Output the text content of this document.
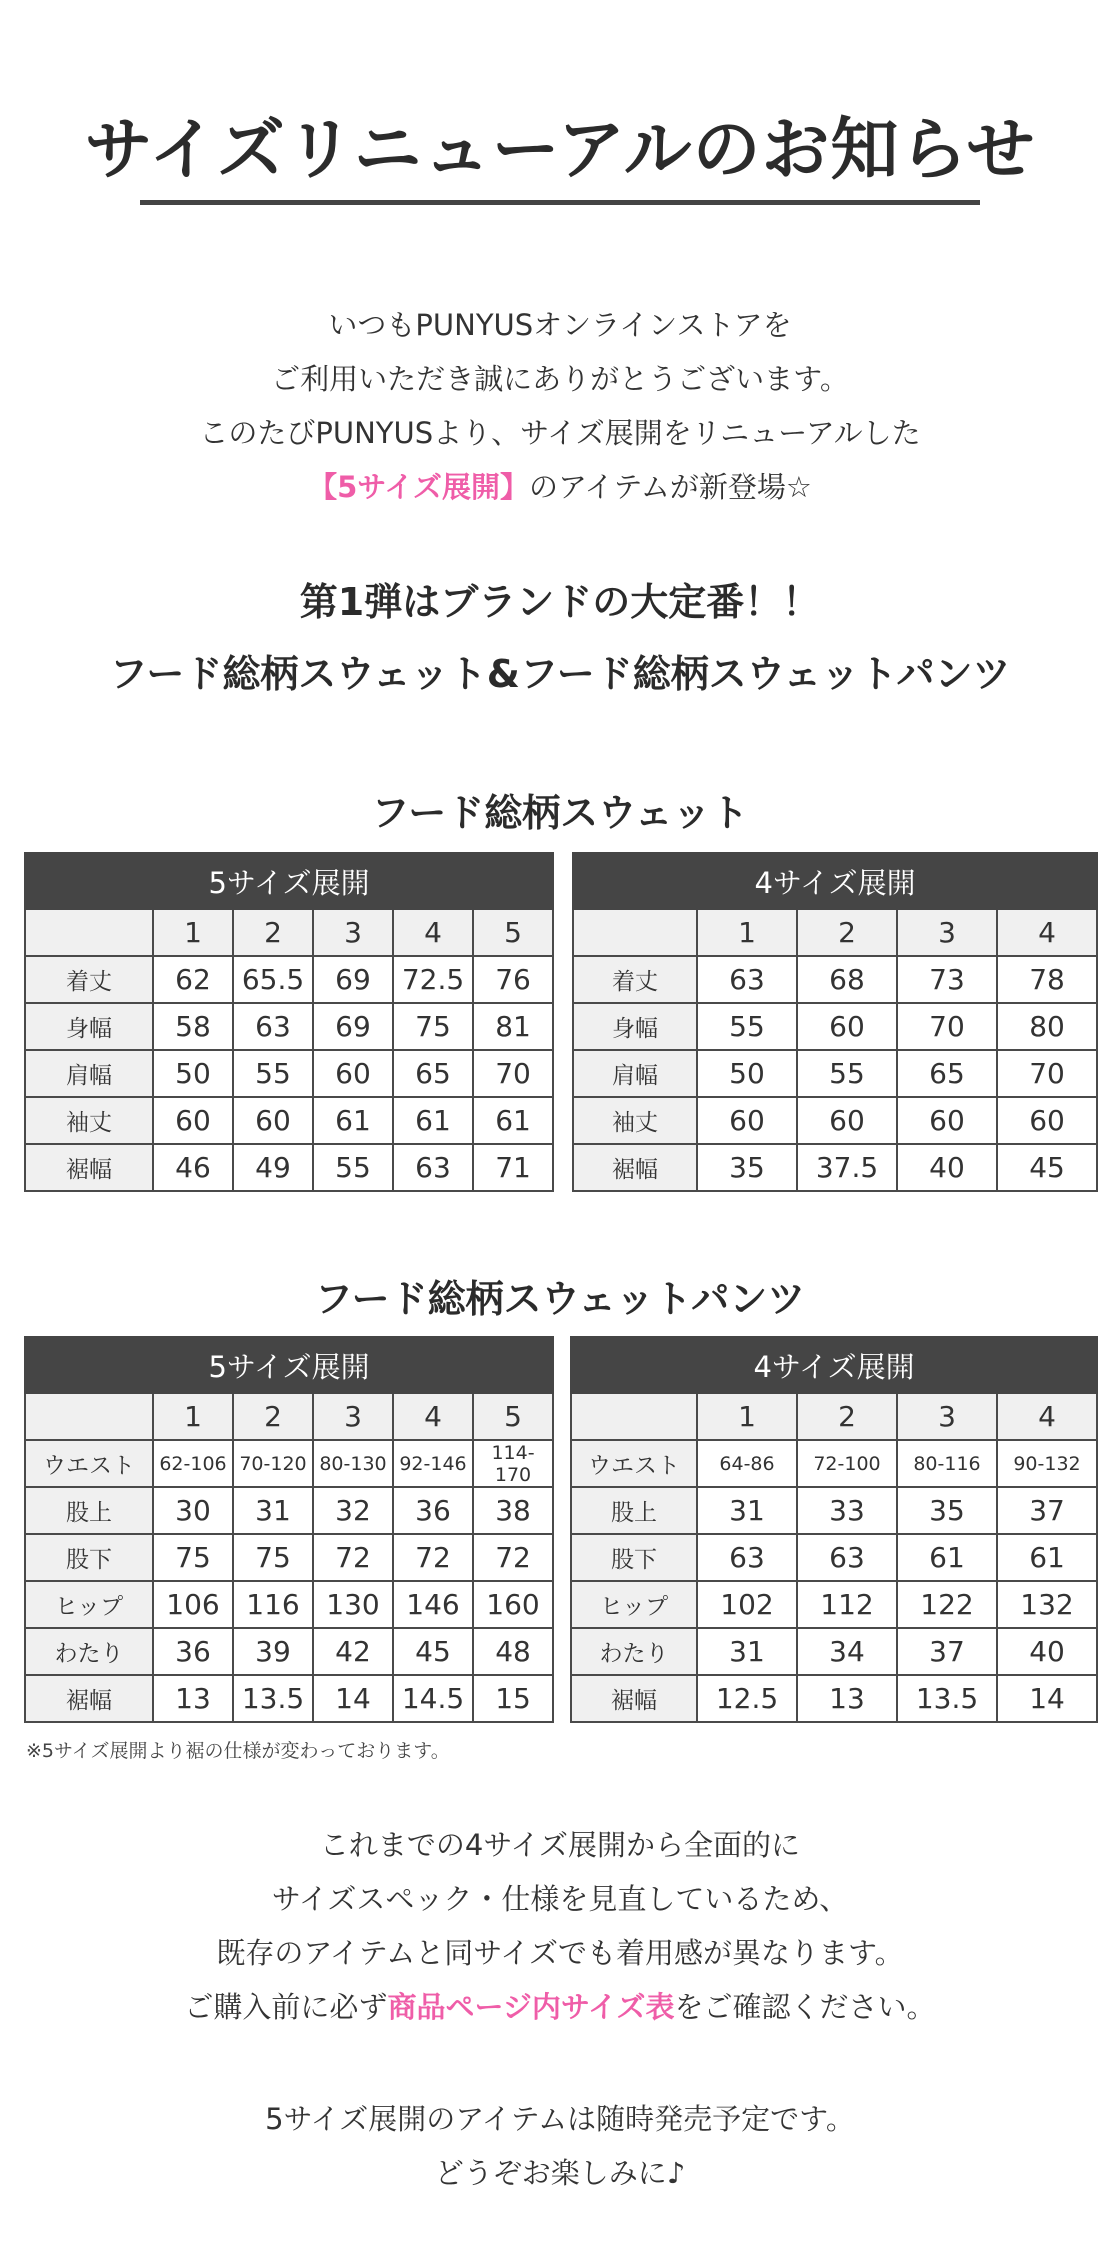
サイズリニューアルのお知らせ

いつもPUNYUSオンラインストアを

ご利用いただき誠にありがとうございます。

このたびPUNYUSより、サイズ展開をリニューアルした

【5サイズ展開】のアイテムが新登場☆

第1弾はブランドの大定番！！

フード総柄スウェット&フード総柄スウェットパンツ

フード総柄スウェット
5サイズ展開					
	1	2	3	4	5
着丈	62	65.5	69	72.5	76
身幅	58	63	69	75	81
肩幅	50	55	60	65	70
袖丈	60	60	61	61	61
裾幅	46	49	55	63	71
4サイズ展開				
	1	2	3	4
着丈	63	68	73	78
身幅	55	60	70	80
肩幅	50	55	65	70
袖丈	60	60	60	60
裾幅	35	37.5	40	45
フード総柄スウェットパンツ
5サイズ展開					
	1	2	3	4	5
ウエスト	62-106	70-120	80-130	92-146	114-170
股上	30	31	32	36	38
股下	75	75	72	72	72
ヒップ	106	116	130	146	160
わたり	36	39	42	45	48
裾幅	13	13.5	14	14.5	15
4サイズ展開				
	1	2	3	4
ウエスト	64-86	72-100	80-116	90-132
股上	31	33	35	37
股下	63	63	61	61
ヒップ	102	112	122	132
わたり	31	34	37	40
裾幅	12.5	13	13.5	14
※5サイズ展開より裾の仕様が変わっております。

これまでの4サイズ展開から全面的に

サイズスペック・仕様を見直しているため、

既存のアイテムと同サイズでも着用感が異なります。

ご購入前に必ず商品ページ内サイズ表をご確認ください。

5サイズ展開のアイテムは随時発売予定です。

どうぞお楽しみに♪
